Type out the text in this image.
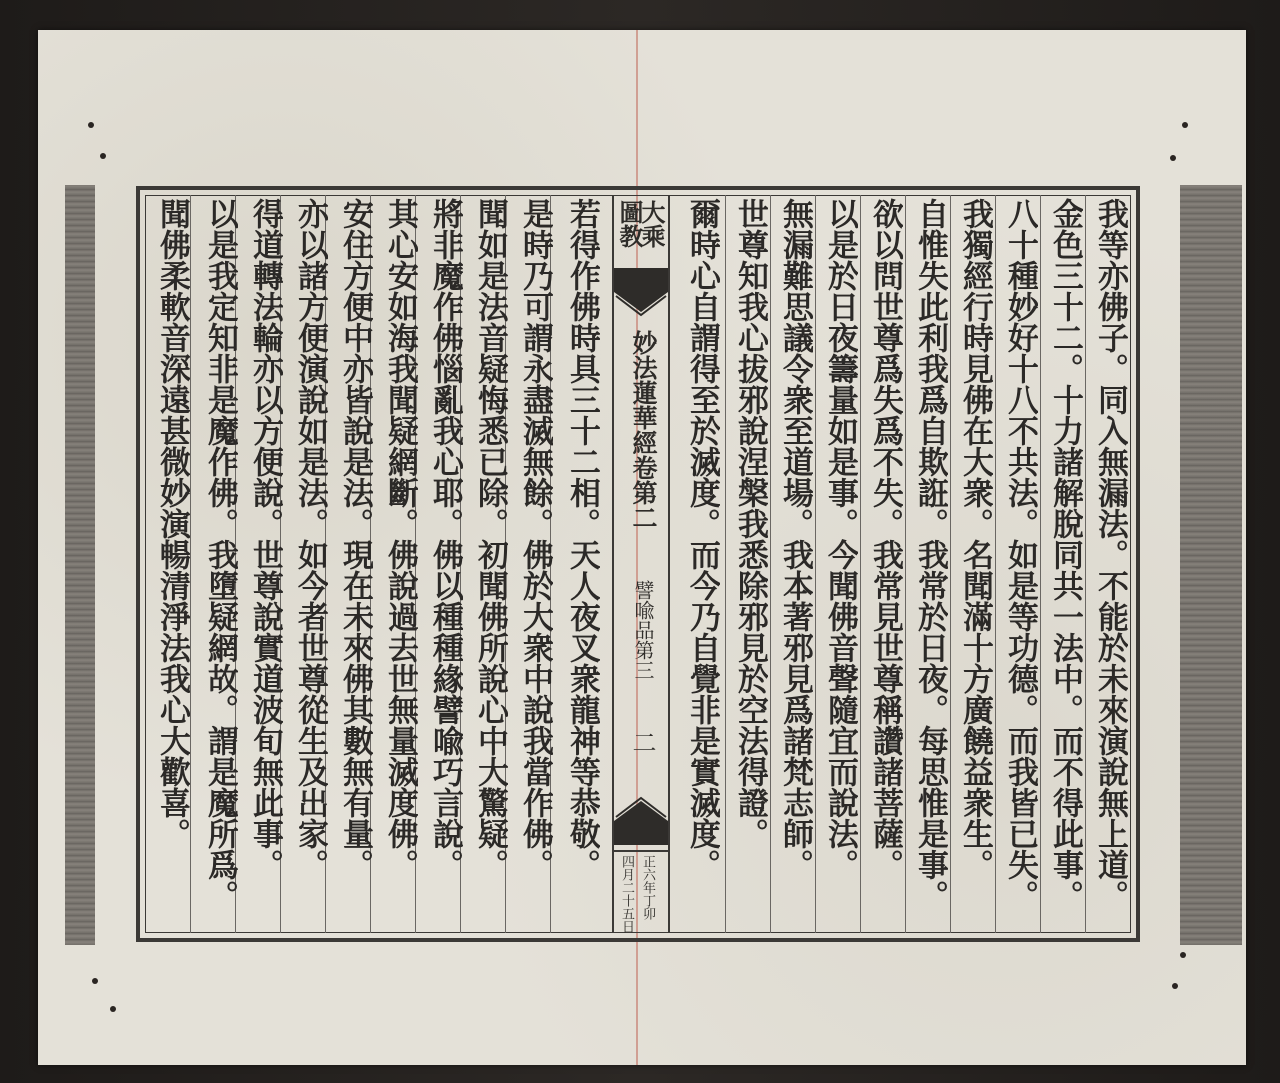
我等亦佛子。同入無漏法。不能於未來演說無上道。
金色三十二。十力諸解脫同共一法中。而不得此事。
八十種妙好十八不共法。如是等功德。而我皆已失。
我獨經行時見佛在大衆。名聞滿十方廣饒益衆生。
自惟失此利我爲自欺誑。我常於日夜。每思惟是事。
欲以問世尊爲失爲不失。我常見世尊稱讚諸菩薩。
以是於日夜籌量如是事。今聞佛音聲隨宜而說法。
無漏難思議令衆至道場。我本著邪見爲諸梵志師。
世尊知我心拔邪說涅槃我悉除邪見於空法得證。
爾時心自謂得至於滅度。而今乃自覺非是實滅度。
大乘
圖教
妙法蓮華經卷第二
譬喩品第三
二
正六年丁卯
四月二十五日
若得作佛時具三十二相。天人夜叉衆龍神等恭敬。
是時乃可謂永盡滅無餘。佛於大衆中說我當作佛。
聞如是法音疑悔悉已除。初聞佛所說心中大驚疑。
將非魔作佛惱亂我心耶。佛以種種緣譬喩巧言說。
其心安如海我聞疑網斷。佛說過去世無量滅度佛。
安住方便中亦皆說是法。現在未來佛其數無有量。
亦以諸方便演說如是法。如今者世尊從生及出家。
得道轉法輪亦以方便說。世尊說實道波旬無此事。
以是我定知非是魔作佛。我墮疑網故。謂是魔所爲。
聞佛柔軟音深遠甚微妙演暢清淨法我心大歡喜。
